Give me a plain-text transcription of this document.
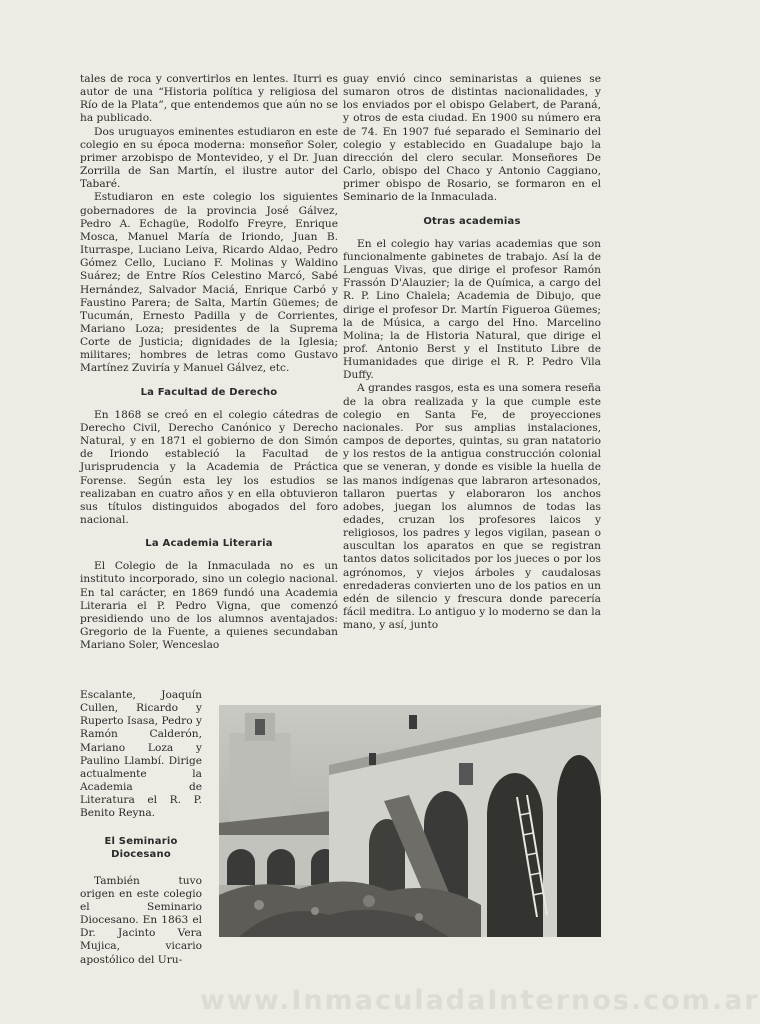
tales de roca y convertirlos en lentes. Iturri es autor de una “Historia política y religiosa del Río de la Plata”, que entendemos que aún no se ha publicado.

Dos uruguayos eminentes estudiaron en este colegio en su época moderna: monseñor Soler, primer arzobispo de Montevideo, y el Dr. Juan Zorrilla de San Martín, el ilustre autor del Tabaré.

Estudiaron en este colegio los siguientes gobernadores de la provincia José Gálvez, Pedro A. Echagüe, Rodolfo Freyre, Enrique Mosca, Manuel María de Iriondo, Juan B. Iturraspe, Luciano Leiva, Ricardo Aldao, Pedro Gómez Cello, Luciano F. Molinas y Waldino Suárez; de Entre Ríos Celestino Marcó, Sabé Hernández, Salvador Maciá, Enrique Carbó y Faustino Parera; de Salta, Martín Güemes; de Tucumán, Ernesto Padilla y de Corrientes, Mariano Loza; presidentes de la Suprema Corte de Justicia; dignidades de la Iglesia; militares; hombres de letras como Gustavo Martínez Zuviría y Manuel Gálvez, etc.

La Facultad de Derecho

En 1868 se creó en el colegio cátedras de Derecho Civil, Derecho Canónico y Derecho Natural, y en 1871 el gobierno de don Simón de Iriondo estableció la Facultad de Jurisprudencia y la Academia de Práctica Forense. Según esta ley los estudios se realizaban en cuatro años y en ella obtuvieron sus títulos distinguidos abogados del foro nacional.

La Academia Literaria

El Colegio de la Inmaculada no es un instituto incorporado, sino un colegio nacional. En tal carácter, en 1869 fundó una Academia Literaria el P. Pedro Vigna, que comenzó presidiendo uno de los alumnos aventajados: Gregorio de la Fuente, a quienes secundaban Mariano Soler, Wenceslao

Escalante, Joaquín Cullen, Ricardo y Ruperto Isasa, Pedro y Ramón Calderón, Mariano Loza y Paulino Llambí. Dirige actualmente la Academia de Literatura el R. P. Benito Reyna.

El Seminario Diocesano

También tuvo origen en este colegio el Seminario Diocesano. En 1863 el Dr. Jacinto Vera Mujica, vicario apostólico del Uru-

guay envió cinco seminaristas a quienes se sumaron otros de distintas nacionalidades, y los enviados por el obispo Gelabert, de Paraná, y otros de esta ciudad. En 1900 su número era de 74. En 1907 fué separado el Seminario del colegio y establecido en Guadalupe bajo la dirección del clero secular. Monseñores De Carlo, obispo del Chaco y Antonio Caggiano, primer obispo de Rosario, se formaron en el Seminario de la Inmaculada.

Otras academias

En el colegio hay varias academias que son funcionalmente gabinetes de trabajo. Así la de Lenguas Vivas, que dirige el profesor Ramón Frassón D'Alauzier; la de Química, a cargo del R. P. Lino Chalela; Academia de Dibujo, que dirige el profesor Dr. Martín Figueroa Güemes; la de Música, a cargo del Hno. Marcelino Molina; la de Historia Natural, que dirige el prof. Antonio Berst y el Instituto Libre de Humanidades que dirige el R. P. Pedro Vila Duffy.

A grandes rasgos, esta es una somera reseña de la obra realizada y la que cumple este colegio en Santa Fe, de proyecciones nacionales. Por sus amplias instalaciones, campos de deportes, quintas, su gran natatorio y los restos de la antigua construcción colonial que se veneran, y donde es visible la huella de las manos indígenas que labraron artesonados, tallaron puertas y elaboraron los anchos adobes, juegan los alumnos de todas las edades, cruzan los profesores laicos y religiosos, los padres y legos vigilan, pasean o auscultan los aparatos en que se registran tantos datos solicitados por los jueces o por los agrónomos, y viejos árboles y caudalosas enredaderas convierten uno de los patios en un edén de silencio y frescura donde parecería fácil meditra. Lo antiguo y lo moderno se dan la mano, y así, junto

www.InmaculadaInternos.com.ar
